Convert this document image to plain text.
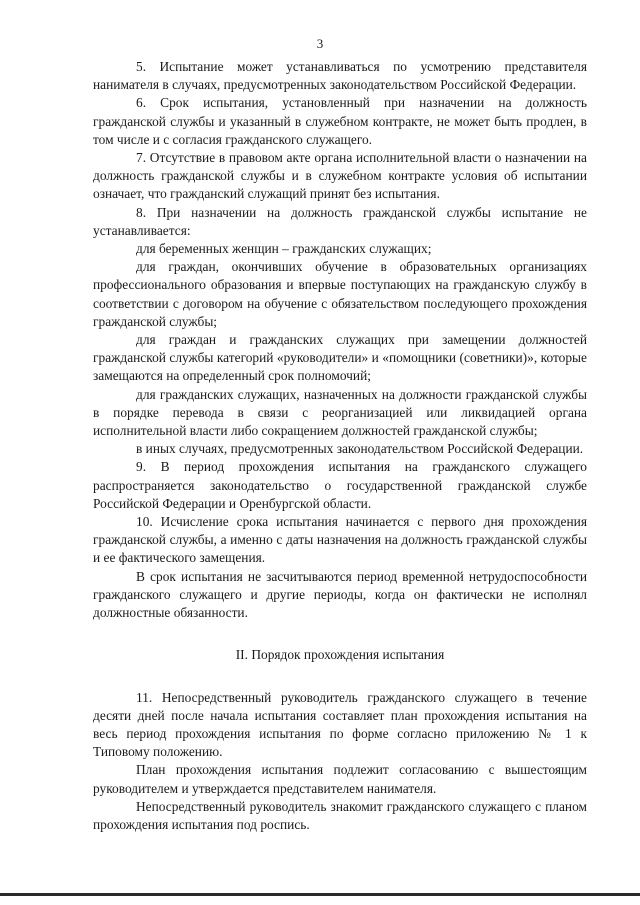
3

5. Испытание может устанавливаться по усмотрению представителя нанимателя в случаях, предусмотренных законодательством Российской Федерации.

6. Срок испытания, установленный при назначении на должность гражданской службы и указанный в служебном контракте, не может быть продлен, в том числе и с согласия гражданского служащего.

7. Отсутствие в правовом акте органа исполнительной власти о назначении на должность гражданской службы и в служебном контракте условия об испытании означает, что гражданский служащий принят без испытания.

8. При назначении на должность гражданской службы испытание не устанавливается:

для беременных женщин – гражданских служащих;

для граждан, окончивших обучение в образовательных организациях профессионального образования и впервые поступающих на гражданскую службу в соответствии с договором на обучение с обязательством последующего прохождения гражданской службы;

для граждан и гражданских служащих при замещении должностей гражданской службы категорий «руководители» и «помощники (советники)», которые замещаются на определенный срок полномочий;

для гражданских служащих, назначенных на должности гражданской службы в порядке перевода в связи с реорганизацией или ликвидацией органа исполнительной власти либо сокращением должностей гражданской службы;

в иных случаях, предусмотренных законодательством Российской Федерации.

9. В период прохождения испытания на гражданского служащего распространяется законодательство о государственной гражданской службе Российской Федерации и Оренбургской области.

10. Исчисление срока испытания начинается с первого дня прохождения гражданской службы, а именно с даты назначения на должность гражданской службы и ее фактического замещения.

В срок испытания не засчитываются период временной нетрудоспособности гражданского служащего и другие периоды, когда он фактически не исполнял должностные обязанности.

II. Порядок прохождения испытания

11. Непосредственный руководитель гражданского служащего в течение десяти дней после начала испытания составляет план прохождения испытания на весь период прохождения испытания по форме согласно приложению № 1 к Типовому положению.

План прохождения испытания подлежит согласованию с вышестоящим руководителем и утверждается представителем нанимателя.

Непосредственный руководитель знакомит гражданского служащего с планом прохождения испытания под роспись.
